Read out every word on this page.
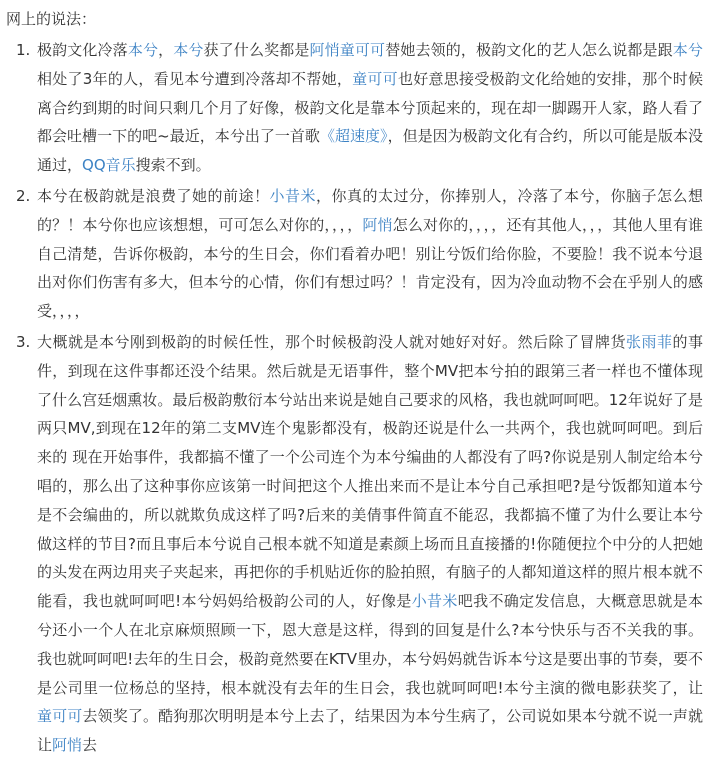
网上的说法：
1. 极韵文化冷落本兮，本兮获了什么奖都是阿悄童可可替她去领的，极韵文化的艺人怎么说都是跟本兮相处了3年的人，看见本兮遭到冷落却不帮她，童可可也好意思接受极韵文化给她的安排，那个时候离合约到期的时间只剩几个月了好像，极韵文化是靠本兮顶起来的，现在却一脚踢开人家，路人看了都会吐槽一下的吧~最近，本兮出了一首歌《超速度》，但是因为极韵文化有合约，所以可能是版本没通过，QQ音乐搜索不到。
2. 本兮在极韵就是浪费了她的前途！小昔米，你真的太过分，你捧别人，冷落了本兮，你脑子怎么想的？！本兮你也应该想想，可可怎么对你的，，，，阿悄怎么对你的，，，，还有其他人，，，其他人里有谁自己清楚，告诉你极韵，本兮的生日会，你们看着办吧！别让兮饭们给你脸，不要脸！我不说本兮退出对你们伤害有多大，但本兮的心情，你们有想过吗？！肯定没有，因为冷血动物不会在乎别人的感受，，，，
3. 大概就是本兮刚到极韵的时候任性，那个时候极韵没人就对她好对好。然后除了冒牌货张雨菲的事件，到现在这件事都还没个结果。然后就是无语事件，整个MV把本兮拍的跟第三者一样也不懂体现了什么宫廷烟熏妆。最后极韵敷衍本兮站出来说是她自己要求的风格，我也就呵呵吧。12年说好了是两只MV,到现在12年的第二支MV连个鬼影都没有，极韵还说是什么一共两个，我也就呵呵吧。到后来的 现在开始事件，我都搞不懂了一个公司连个为本兮编曲的人都没有了吗?你说是别人制定给本兮唱的，那么出了这种事你应该第一时间把这个人推出来而不是让本兮自己承担吧?是兮饭都知道本兮是不会编曲的，所以就欺负成这样了吗?后来的美倩事件简直不能忍，我都搞不懂了为什么要让本兮做这样的节目?而且事后本兮说自己根本就不知道是素颜上场而且直接播的!你随便拉个中分的人把她的头发在两边用夹子夹起来，再把你的手机贴近你的脸拍照，有脑子的人都知道这样的照片根本就不能看，我也就呵呵吧!本兮妈妈给极韵公司的人，好像是小昔米吧我不确定发信息，大概意思就是本兮还小一个人在北京麻烦照顾一下，恩大意是这样，得到的回复是什么?本兮快乐与否不关我的事。我也就呵呵吧!去年的生日会，极韵竟然要在KTV里办，本兮妈妈就告诉本兮这是要出事的节奏，要不是公司里一位杨总的坚持，根本就没有去年的生日会，我也就呵呵吧!本兮主演的微电影获奖了，让童可可去领奖了。酷狗那次明明是本兮上去了，结果因为本兮生病了，公司说如果本兮就不说一声就让阿悄去
